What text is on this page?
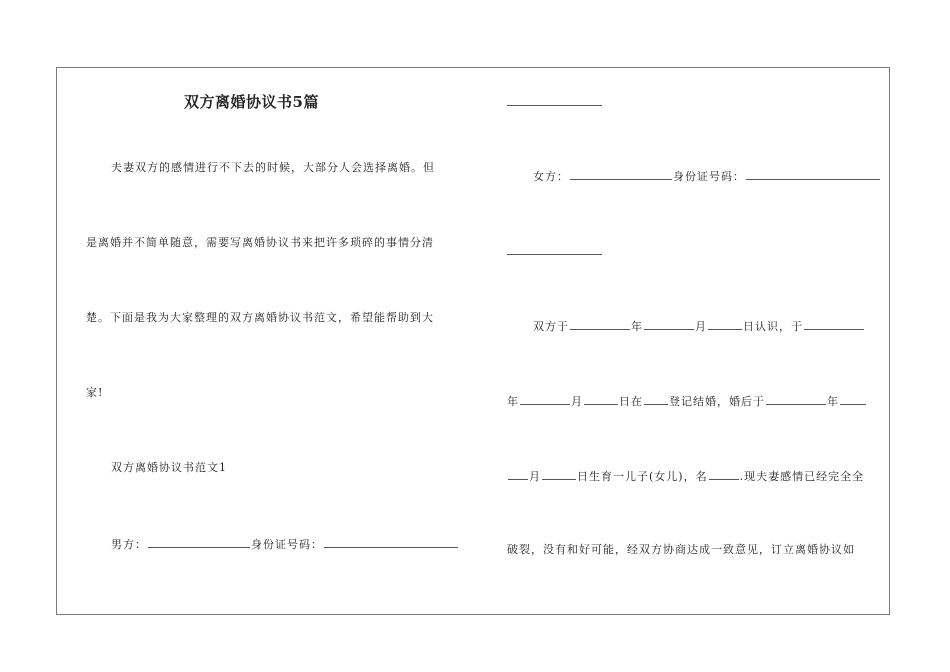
双方离婚协议书5篇
夫妻双方的感情进行不下去的时候，大部分人会选择离婚。但
是离婚并不简单随意，需要写离婚协议书来把许多琐碎的事情分清
楚。下面是我为大家整理的双方离婚协议书范文，希望能帮助到大
家!
双方离婚协议书范文1
男方：	身份证号码：
女方：	身份证号码：
双方于	年	月	日认识，于
年	月	日在 登记结婚，婚后于	年
月	日生育一儿子(女儿)，名	.现夫妻感情已经完全全
破裂，没有和好可能，经双方协商达成一致意见，订立离婚协议如
